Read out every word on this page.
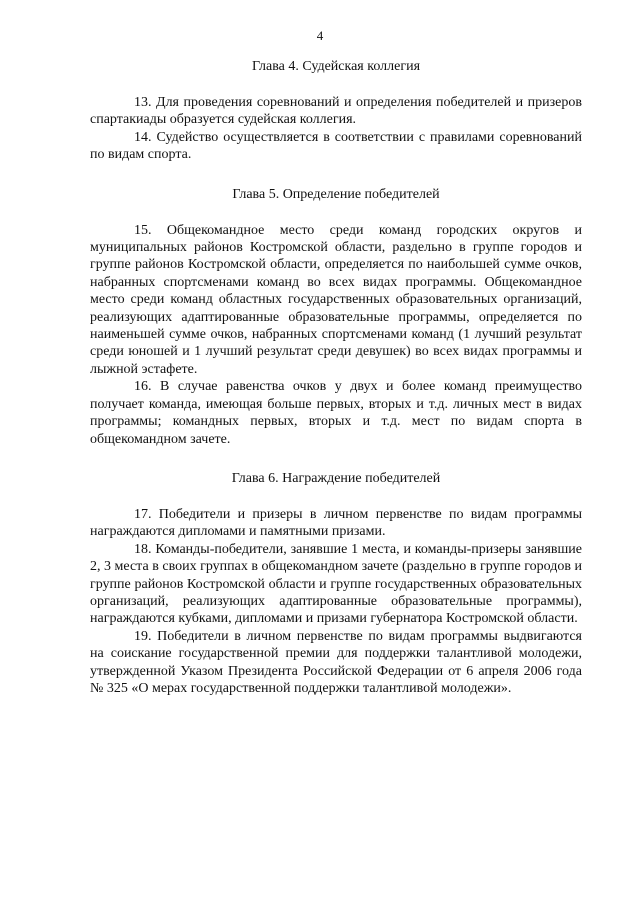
4
Глава 4. Судейская коллегия

13. Для проведения соревнований и определения победителей и призеров спартакиады образуется судейская коллегия.

14. Судейство осуществляется в соответствии с правилами соревнований по видам спорта.

Глава 5. Определение победителей

15. Общекомандное место среди команд городских округов и муниципальных районов Костромской области, раздельно в группе городов и группе районов Костромской области, определяется по наибольшей сумме очков, набранных спортсменами команд во всех видах программы. Общекомандное место среди команд областных государственных образовательных организаций, реализующих адаптированные образовательные программы, определяется по наименьшей сумме очков, набранных спортсменами команд (1 лучший результат среди юношей и 1 лучший результат среди девушек) во всех видах программы и лыжной эстафете.

16. В случае равенства очков у двух и более команд преимущество получает команда, имеющая больше первых, вторых и т.д. личных мест в видах программы; командных первых, вторых и т.д. мест по видам спорта в общекомандном зачете.

Глава 6. Награждение победителей

17. Победители и призеры в личном первенстве по видам программы награждаются дипломами и памятными призами.

18. Команды-победители, занявшие 1 места, и команды-призеры занявшие 2, 3 места в своих группах в общекомандном зачете (раздельно в группе городов и группе районов Костромской области и группе государственных образовательных организаций, реализующих адаптированные образовательные программы), награждаются кубками, дипломами и призами губернатора Костромской области.

19. Победители в личном первенстве по видам программы выдвигаются на соискание государственной премии для поддержки талантливой молодежи, утвержденной Указом Президента Российской Федерации от 6 апреля 2006 года № 325 «О мерах государственной поддержки талантливой молодежи».
